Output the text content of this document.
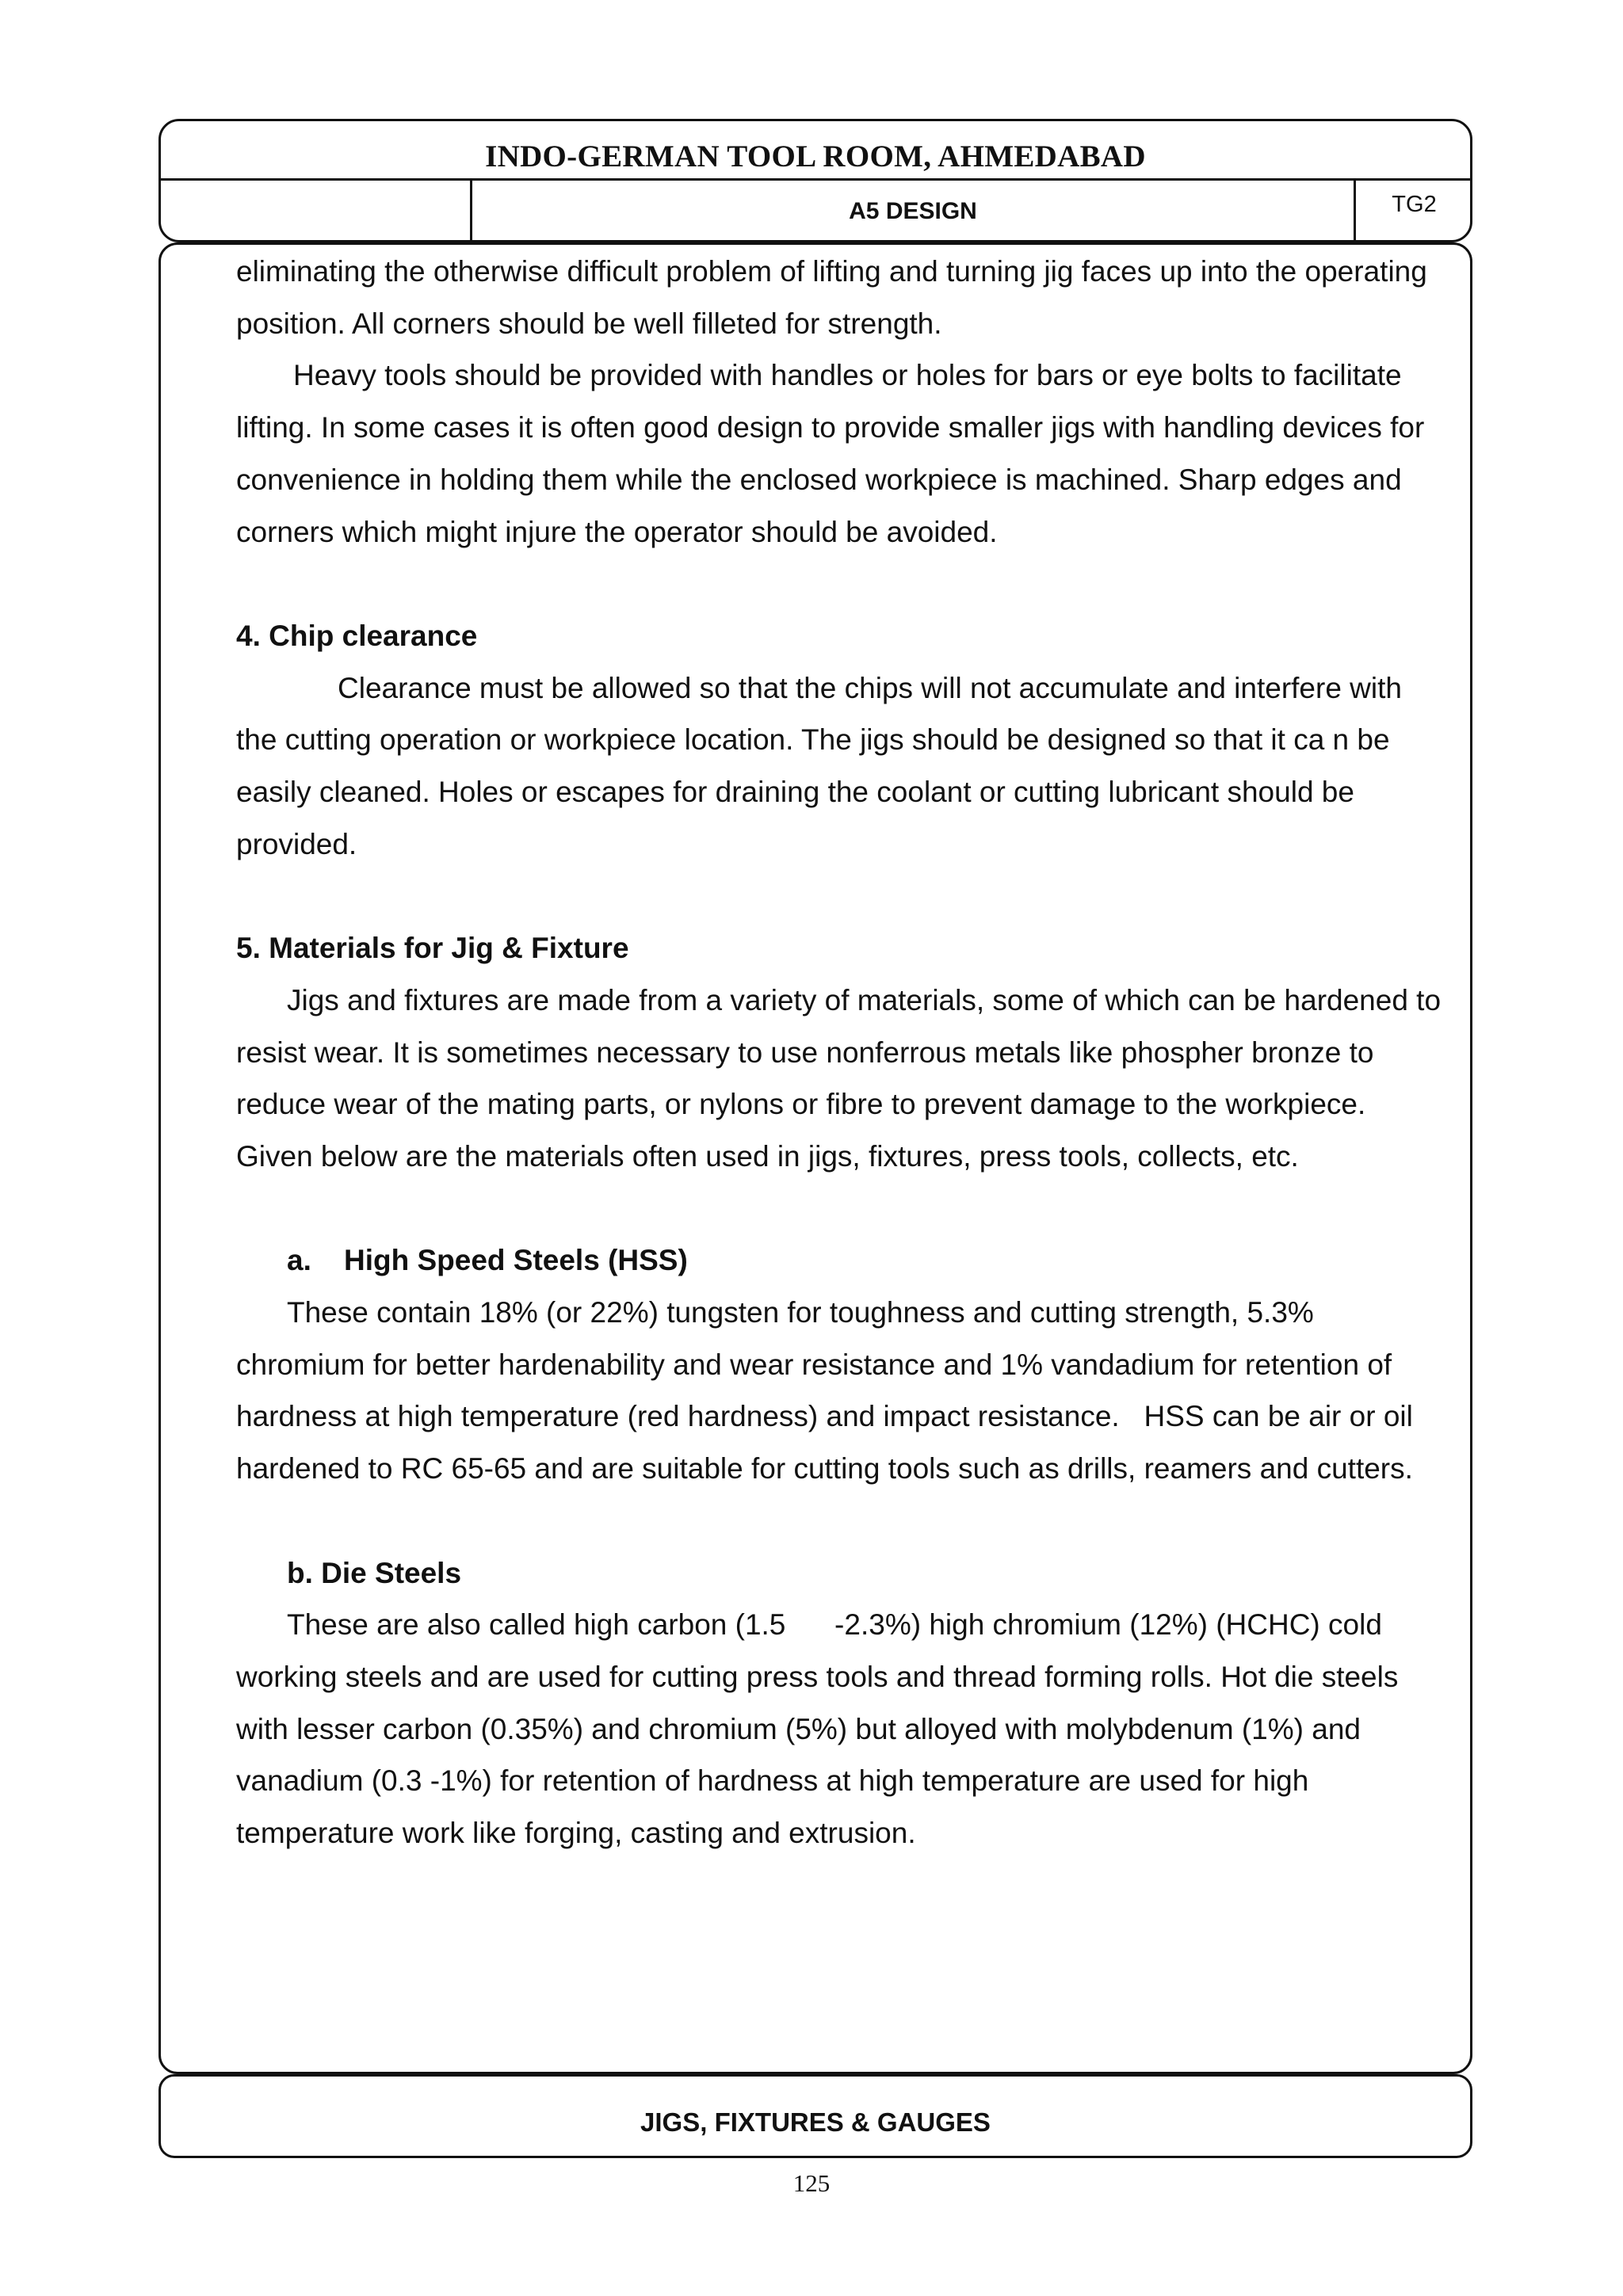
INDO-GERMAN TOOL ROOM, AHMEDABAD
A5 DESIGN	TG2
eliminating the otherwise difficult problem of lifting and turning jig faces up into the operating
position. All corners should be well filleted for strength.
Heavy tools should be provided with handles or holes for bars or eye bolts to facilitate
lifting. In some cases it is often good design to provide smaller jigs with handling devices for
convenience in holding them while the enclosed workpiece is machined. Sharp edges and
corners which might injure the operator should be avoided.
4. Chip clearance
Clearance must be allowed so that the chips will not accumulate and interfere with
the cutting operation or workpiece location. The jigs should be designed so that it ca n be
easily cleaned. Holes or escapes for draining the coolant or cutting lubricant should be
provided.
5. Materials for Jig & Fixture
Jigs and fixtures are made from a variety of materials, some of which can be hardened to
resist wear. It is sometimes necessary to use nonferrous metals like phospher bronze to
reduce wear of the mating parts, or nylons or fibre to prevent damage to the workpiece.
Given below are the materials often used in jigs, fixtures, press tools, collects, etc.
a.    High Speed Steels (HSS)
These contain 18% (or 22%) tungsten for toughness and cutting strength, 5.3%
chromium for better hardenability and wear resistance and 1% vandadium for retention of
hardness at high temperature (red hardness) and impact resistance.   HSS can be air or oil
hardened to RC 65-65 and are suitable for cutting tools such as drills, reamers and cutters.
b. Die Steels
These are also called high carbon (1.5      -2.3%) high chromium (12%) (HCHC) cold
working steels and are used for cutting press tools and thread forming rolls. Hot die steels
with lesser carbon (0.35%) and chromium (5%) but alloyed with molybdenum (1%) and
vanadium (0.3 -1%) for retention of hardness at high temperature are used for high
temperature work like forging, casting and extrusion.
JIGS, FIXTURES & GAUGES
125
